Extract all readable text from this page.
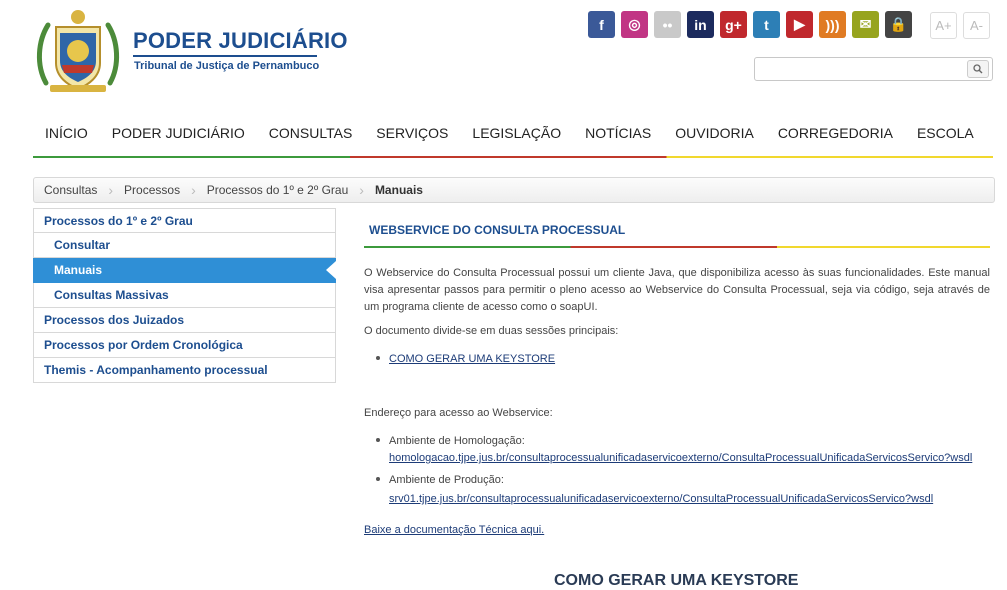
PODER JUDICIÁRIO
Tribunal de Justiça de Pernambuco
f	◎	••	in	g+	t	▶	)))	✉	🔒	A+	A-
INÍCIO	PODER JUDICIÁRIO	CONSULTAS	SERVIÇOS	LEGISLAÇÃO	NOTÍCIAS	OUVIDORIA	CORREGEDORIA	ESCOLA
Consultas › Processos › Processos do 1º e 2º Grau › Manuais
Processos do 1º e 2º Grau
Consultar
Manuais
Consultas Massivas
Processos dos Juizados
Processos por Ordem Cronológica
Themis - Acompanhamento processual
WEBSERVICE DO CONSULTA PROCESSUAL

O Webservice do Consulta Processual possui um cliente Java, que disponibiliza acesso às suas funcionalidades. Este manual visa apresentar passos para permitir o pleno acesso ao Webservice do Consulta Processual, seja via código, seja através de um programa cliente de acesso como o soapUI.

O documento divide-se em duas sessões principais:

COMO GERAR UMA KEYSTORE

Endereço para acesso ao Webservice:

Ambiente de Homologação:
homologacao.tjpe.jus.br/consultaprocessualunificadaservicoexterno/ConsultaProcessualUnificadaServicosServico?wsdl
Ambiente de Produção:
srv01.tjpe.jus.br/consultaprocessualunificadaservicoexterno/ConsultaProcessualUnificadaServicosServico?wsdl

Baixe a documentação Técnica aqui.

COMO GERAR UMA KEYSTORE
